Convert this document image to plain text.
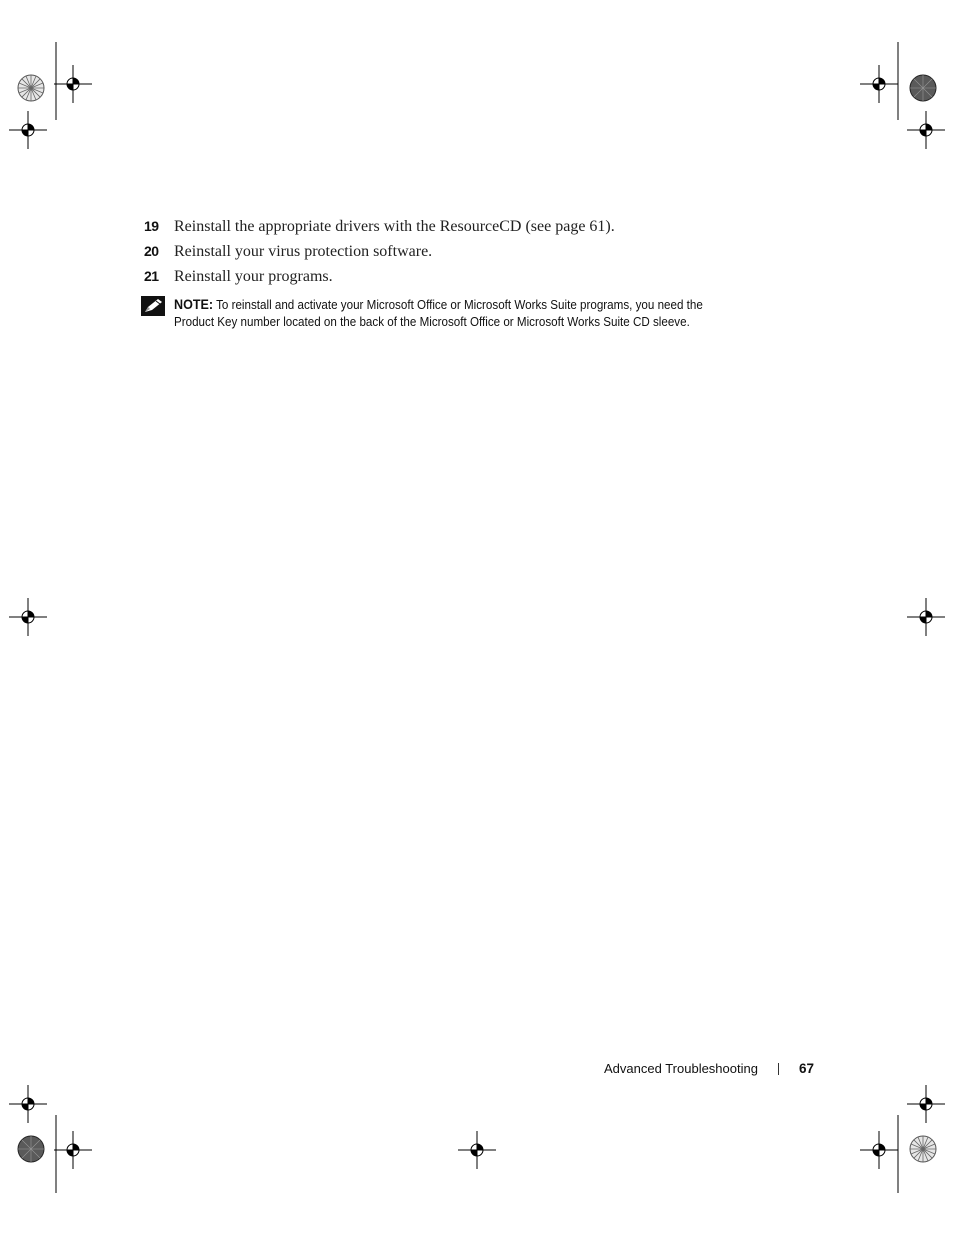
19 Reinstall the appropriate drivers with the ResourceCD (see page 61).
20 Reinstall your virus protection software.
21 Reinstall your programs.
NOTE: To reinstall and activate your Microsoft Office or Microsoft Works Suite programs, you need the Product Key number located on the back of the Microsoft Office or Microsoft Works Suite CD sleeve.
Advanced Troubleshooting	67
